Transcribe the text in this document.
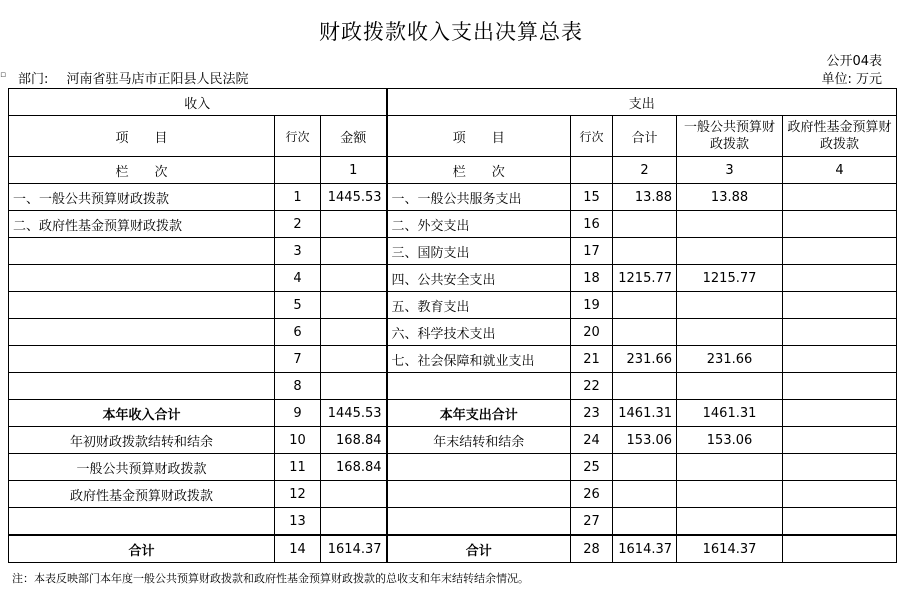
财政拨款收入支出决算总表
公开04表
▫ 部门: 河南省驻马店市正阳县人民法院	单位: 万元
收入			支出				
项　　目	行次	金额	项　　目	行次	合计	一般公共预算财政拨款	政府性基金预算财政拨款
栏　　次		1	栏　　次		2	3	4
一、一般公共预算财政拨款	1	1445.53	一、一般公共服务支出	15	13.88	13.88	
二、政府性基金预算财政拨款	2		二、外交支出	16			
	3		三、国防支出	17			
	4		四、公共安全支出	18	1215.77	1215.77	
	5		五、教育支出	19			
	6		六、科学技术支出	20			
	7		七、社会保障和就业支出	21	231.66	231.66	
	8			22			
本年收入合计	9	1445.53	本年支出合计	23	1461.31	1461.31	
年初财政拨款结转和结余	10	168.84	年末结转和结余	24	153.06	153.06	
一般公共预算财政拨款	11	168.84		25			
政府性基金预算财政拨款	12			26			
	13			27			
合计	14	1614.37	合计	28	1614.37	1614.37	
注：本表反映部门本年度一般公共预算财政拨款和政府性基金预算财政拨款的总收支和年末结转结余情况。
